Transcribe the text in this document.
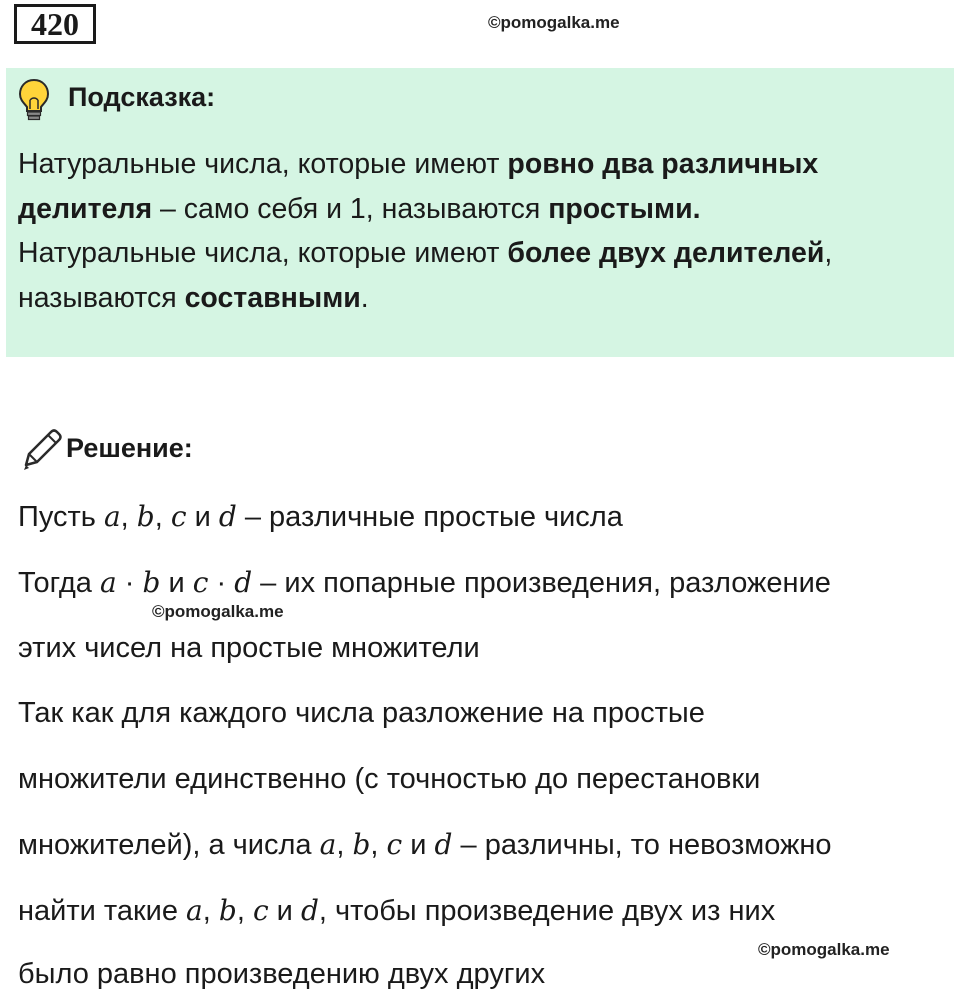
420	©pomogalka.me
Подсказка:
Натуральные числа, которые имеют ровно два различных
делителя – само себя и 1, называются простыми.
Натуральные числа, которые имеют более двух делителей,
называются составными.
Решение:
Пусть a, b, c и d – различные простые числа
Тогда a · b и c · d – их попарные произведения, разложение
©pomogalka.me
этих чисел на простые множители
Так как для каждого числа разложение на простые
множители единственно (с точностью до перестановки
множителей), а числа a, b, c и d – различны, то невозможно
найти такие a, b, c и d, чтобы произведение двух из них
©pomogalka.me
было равно произведению двух других
